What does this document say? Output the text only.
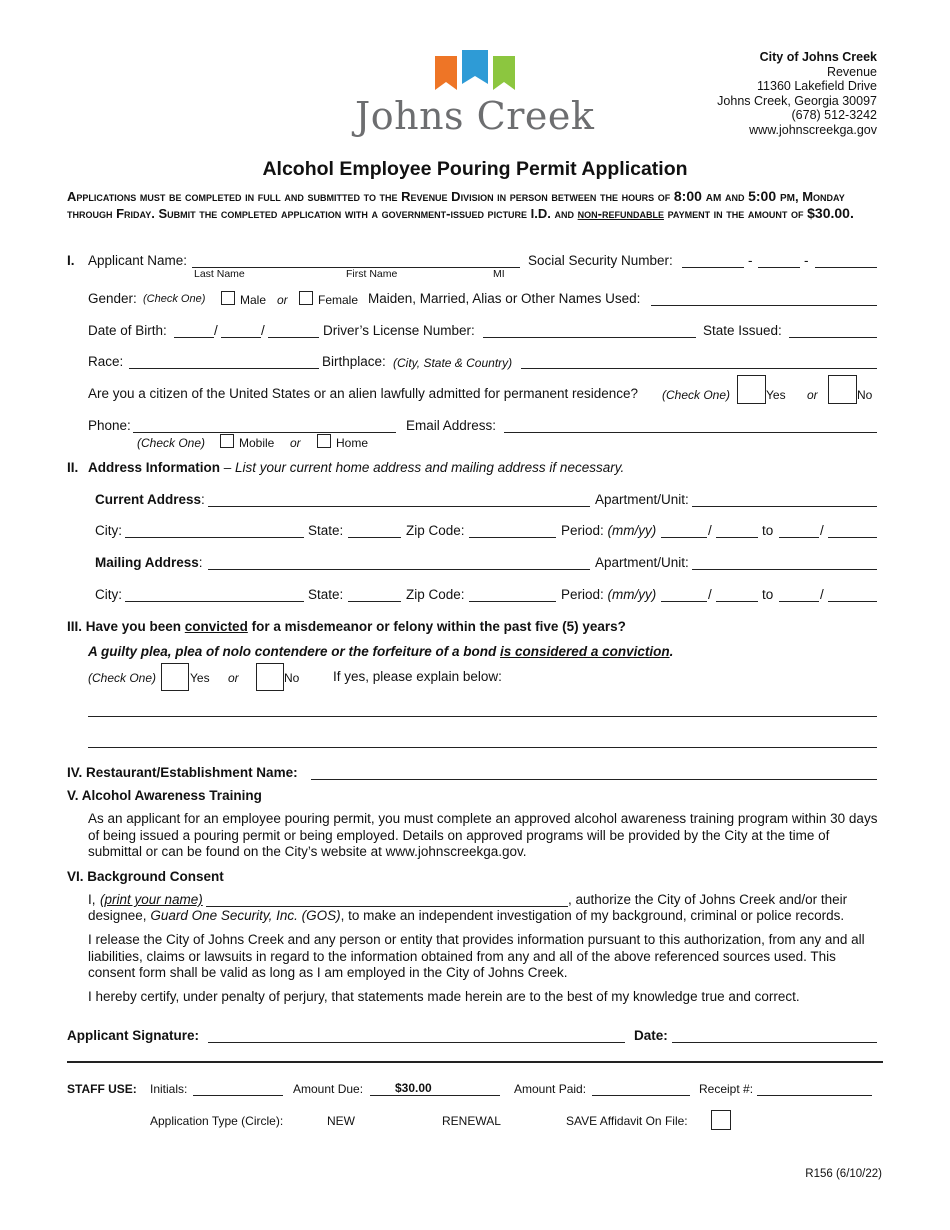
Johns Creek
City of Johns Creek
Revenue
11360 Lakefield Drive
Johns Creek, Georgia 30097
(678) 512-3242
www.johnscreekga.gov
Alcohol Employee Pouring Permit Application
Applications must be completed in full and submitted to the Revenue Division in person between the hours of 8:00 am and 5:00 pm, Monday through Friday. Submit the completed application with a government-issued picture I.D. and non-refundable payment in the amount of $30.00.
I. Applicant Name:
Last Name	First Name	MI
Social Security Number:	-	-
Gender: (Check One)	Male or	Female Maiden, Married, Alias or Other Names Used:
Date of Birth:	/	/	Driver’s License Number:	State Issued:
Race:	Birthplace: (City, State & Country)
Are you a citizen of the United States or an alien lawfully admitted for permanent residence? (Check One)	Yes or	No
Phone:
(Check One)	Mobile or	Home
Email Address:
II. Address Information – List your current home address and mailing address if necessary.
Current Address:	Apartment/Unit:
City:	State:	Zip Code:	Period: (mm/yy)	/	to	/
Mailing Address:	Apartment/Unit:
City:	State:	Zip Code:	Period: (mm/yy)	/	to	/
III. Have you been convicted for a misdemeanor or felony within the past five (5) years?
A guilty plea, plea of nolo contendere or the forfeiture of a bond is considered a conviction.
(Check One)	Yes or	No If yes, please explain below:
IV. Restaurant/Establishment Name:
V. Alcohol Awareness Training
As an applicant for an employee pouring permit, you must complete an approved alcohol awareness training program within 30 days of being issued a pouring permit or being employed. Details on approved programs will be provided by the City at the time of submittal or can be found on the City’s website at www.johnscreekga.gov.
VI. Background Consent
I, (print your name)	, authorize the City of Johns Creek and/or their
designee, Guard One Security, Inc. (GOS), to make an independent investigation of my background, criminal or police records.
I release the City of Johns Creek and any person or entity that provides information pursuant to this authorization, from any and all liabilities, claims or lawsuits in regard to the information obtained from any and all of the above referenced sources used. This consent form shall be valid as long as I am employed in the City of Johns Creek.
I hereby certify, under penalty of perjury, that statements made herein are to the best of my knowledge true and correct.
Applicant Signature:	Date:
STAFF USE: Initials:	Amount Due:	$30.00	Amount Paid:	Receipt #:
Application Type (Circle):	NEW	RENEWAL	SAVE Affidavit On File:
R156 (6/10/22)
